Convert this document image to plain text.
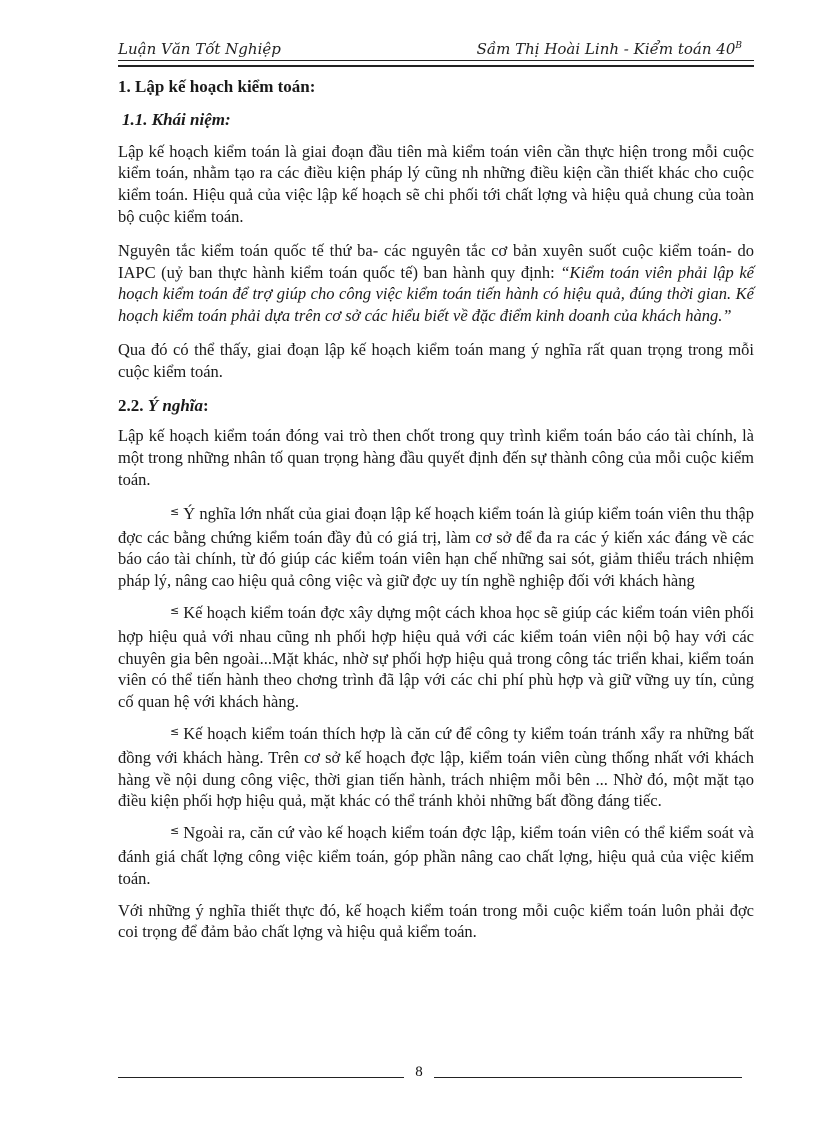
Luận Văn Tốt Nghiệp	Sầm Thị Hoài Linh - Kiểm toán $40^B$
1. Lập kế hoạch kiểm toán:
1.1. Khái niệm:

Lập kế hoạch kiểm toán là giai đoạn đầu tiên mà kiểm toán viên cần thực hiện trong mỗi cuộc kiểm toán, nhằm tạo ra các điều kiện pháp lý cũng nh những điều kiện cần thiết khác cho cuộc kiểm toán. Hiệu quả của việc lập kế hoạch sẽ chi phối tới chất lợng và hiệu quả chung của toàn bộ cuộc kiểm toán.

Nguyên tắc kiểm toán quốc tế thứ ba- các nguyên tắc cơ bản xuyên suốt cuộc kiểm toán- do IAPC (uỷ ban thực hành kiểm toán quốc tế) ban hành quy định: “Kiểm toán viên phải lập kế hoạch kiểm toán để trợ giúp cho công việc kiểm toán tiến hành có hiệu quả, đúng thời gian. Kế hoạch kiểm toán phải dựa trên cơ sở các hiểu biết về đặc điểm kinh doanh của khách hàng.”

Qua đó có thể thấy, giai đoạn lập kế hoạch kiểm toán mang ý nghĩa rất quan trọng trong mỗi cuộc kiểm toán.

2.2. Ý nghĩa:

Lập kế hoạch kiểm toán đóng vai trò then chốt trong quy trình kiểm toán báo cáo tài chính, là một trong những nhân tố quan trọng hàng đầu quyết định đến sự thành công của mỗi cuộc kiểm toán.

≤ Ý nghĩa lớn nhất của giai đoạn lập kế hoạch kiểm toán là giúp kiểm toán viên thu thập đợc các bằng chứng kiểm toán đầy đủ có giá trị, làm cơ sở để đa ra các ý kiến xác đáng về các báo cáo tài chính, từ đó giúp các kiểm toán viên hạn chế những sai sót, giảm thiểu trách nhiệm pháp lý, nâng cao hiệu quả công việc và giữ đợc uy tín nghề nghiệp đối với khách hàng

≤ Kế hoạch kiểm toán đợc xây dựng một cách khoa học sẽ giúp các kiểm toán viên phối hợp hiệu quả với nhau cũng nh phối hợp hiệu quả với các kiểm toán viên nội bộ hay với các chuyên gia bên ngoài...Mặt khác, nhờ sự phối hợp hiệu quả trong công tác triển khai, kiểm toán viên có thể tiến hành theo chơng trình đã lập với các chi phí phù hợp và giữ vững uy tín, củng cố quan hệ với khách hàng.

≤ Kế hoạch kiểm toán thích hợp là căn cứ để công ty kiểm toán tránh xẩy ra những bất đồng với khách hàng. Trên cơ sở kế hoạch đợc lập, kiểm toán viên cùng thống nhất với khách hàng về nội dung công việc, thời gian tiến hành, trách nhiệm mỗi bên ... Nhờ đó, một mặt tạo điều kiện phối hợp hiệu quả, mặt khác có thể tránh khỏi những bất đồng đáng tiếc.

≤ Ngoài ra, căn cứ vào kế hoạch kiểm toán đợc lập, kiểm toán viên có thể kiểm soát và đánh giá chất lợng công việc kiểm toán, góp phần nâng cao chất lợng, hiệu quả của việc kiểm toán.

Với những ý nghĩa thiết thực đó, kế hoạch kiểm toán trong mỗi cuộc kiểm toán luôn phải đợc coi trọng để đảm bảo chất lợng và hiệu quả kiểm toán.

8
